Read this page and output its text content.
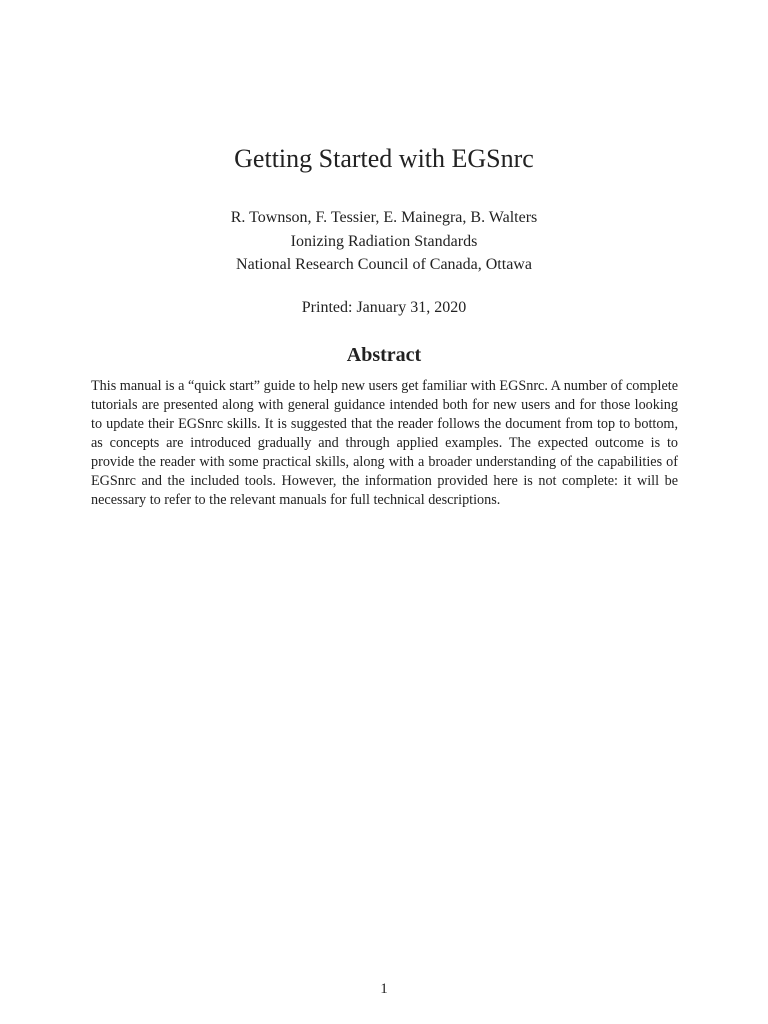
Getting Started with EGSnrc
R. Townson, F. Tessier, E. Mainegra, B. Walters
Ionizing Radiation Standards
National Research Council of Canada, Ottawa
Printed: January 31, 2020
Abstract

This manual is a “quick start” guide to help new users get familiar with EGSnrc. A number of complete tutorials are presented along with general guidance intended both for new users and for those looking to update their EGSnrc skills. It is suggested that the reader follows the document from top to bottom, as concepts are introduced gradually and through applied examples. The expected outcome is to provide the reader with some practical skills, along with a broader understanding of the capabilities of EGSnrc and the included tools. However, the information provided here is not complete: it will be necessary to refer to the relevant manuals for full technical descriptions.

1
